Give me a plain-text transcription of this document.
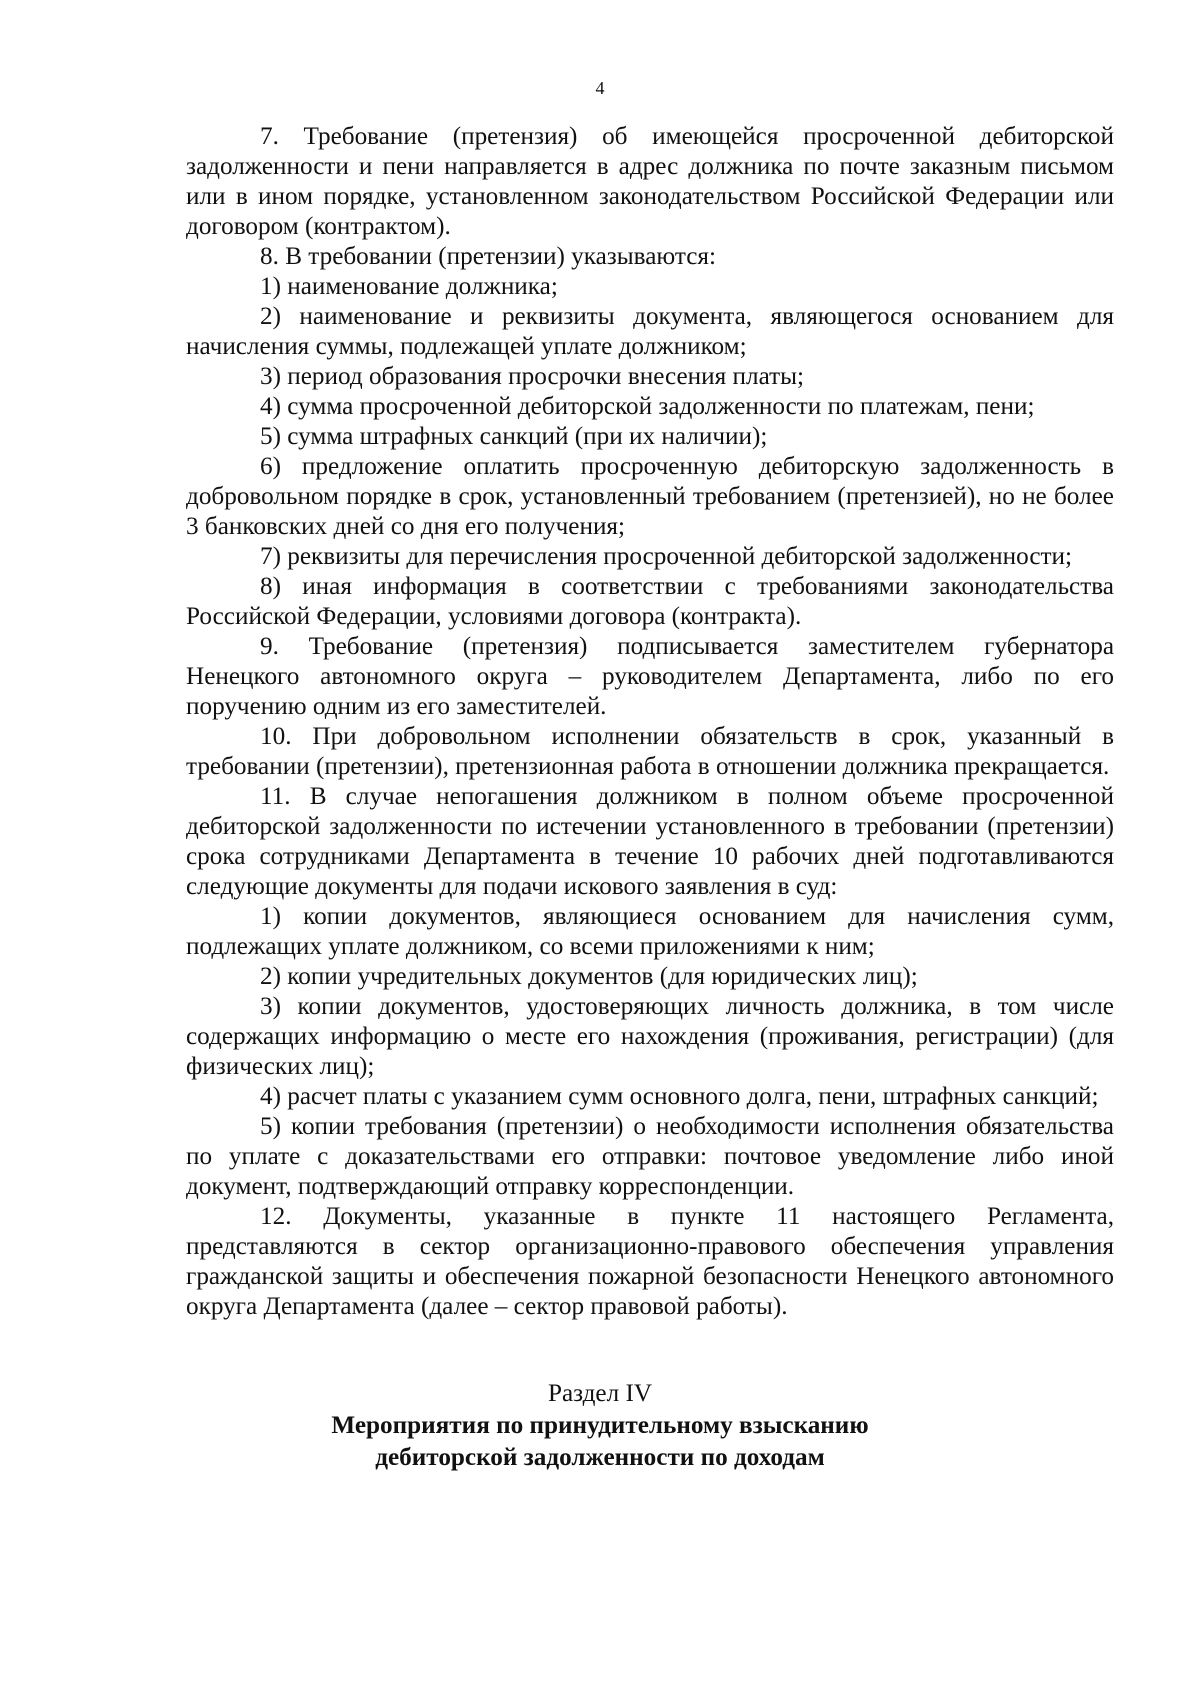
4

7. Требование (претензия) об имеющейся просроченной дебиторской задолженности и пени направляется в адрес должника по почте заказным письмом или в ином порядке, установленном законодательством Российской Федерации или договором (контрактом).

8. В требовании (претензии) указываются:

1) наименование должника;

2) наименование и реквизиты документа, являющегося основанием для начисления суммы, подлежащей уплате должником;

3) период образования просрочки внесения платы;

4) сумма просроченной дебиторской задолженности по платежам, пени;

5) сумма штрафных санкций (при их наличии);

6) предложение оплатить просроченную дебиторскую задолженность в добровольном порядке в срок, установленный требованием (претензией), но не более 3 банковских дней со дня его получения;

7) реквизиты для перечисления просроченной дебиторской задолженности;

8) иная информация в соответствии с требованиями законодательства Российской Федерации, условиями договора (контракта).

9. Требование (претензия) подписывается заместителем губернатора Ненецкого автономного округа – руководителем Департамента, либо по его поручению одним из его заместителей.

10. При добровольном исполнении обязательств в срок, указанный в требовании (претензии), претензионная работа в отношении должника прекращается.

11. В случае непогашения должником в полном объеме просроченной дебиторской задолженности по истечении установленного в требовании (претензии) срока сотрудниками Департамента в течение 10 рабочих дней подготавливаются следующие документы для подачи искового заявления в суд:

1) копии документов, являющиеся основанием для начисления сумм, подлежащих уплате должником, со всеми приложениями к ним;

2) копии учредительных документов (для юридических лиц);

3) копии документов, удостоверяющих личность должника, в том числе содержащих информацию о месте его нахождения (проживания, регистрации) (для физических лиц);

4) расчет платы с указанием сумм основного долга, пени, штрафных санкций;

5) копии требования (претензии) о необходимости исполнения обязательства по уплате с доказательствами его отправки: почтовое уведомление либо иной документ, подтверждающий отправку корреспонденции.

12. Документы, указанные в пункте 11 настоящего Регламента, представляются в сектор организационно-правового обеспечения управления гражданской защиты и обеспечения пожарной безопасности Ненецкого автономного округа Департамента (далее – сектор правовой работы).

Раздел IV
Мероприятия по принудительному взысканию
дебиторской задолженности по доходам
